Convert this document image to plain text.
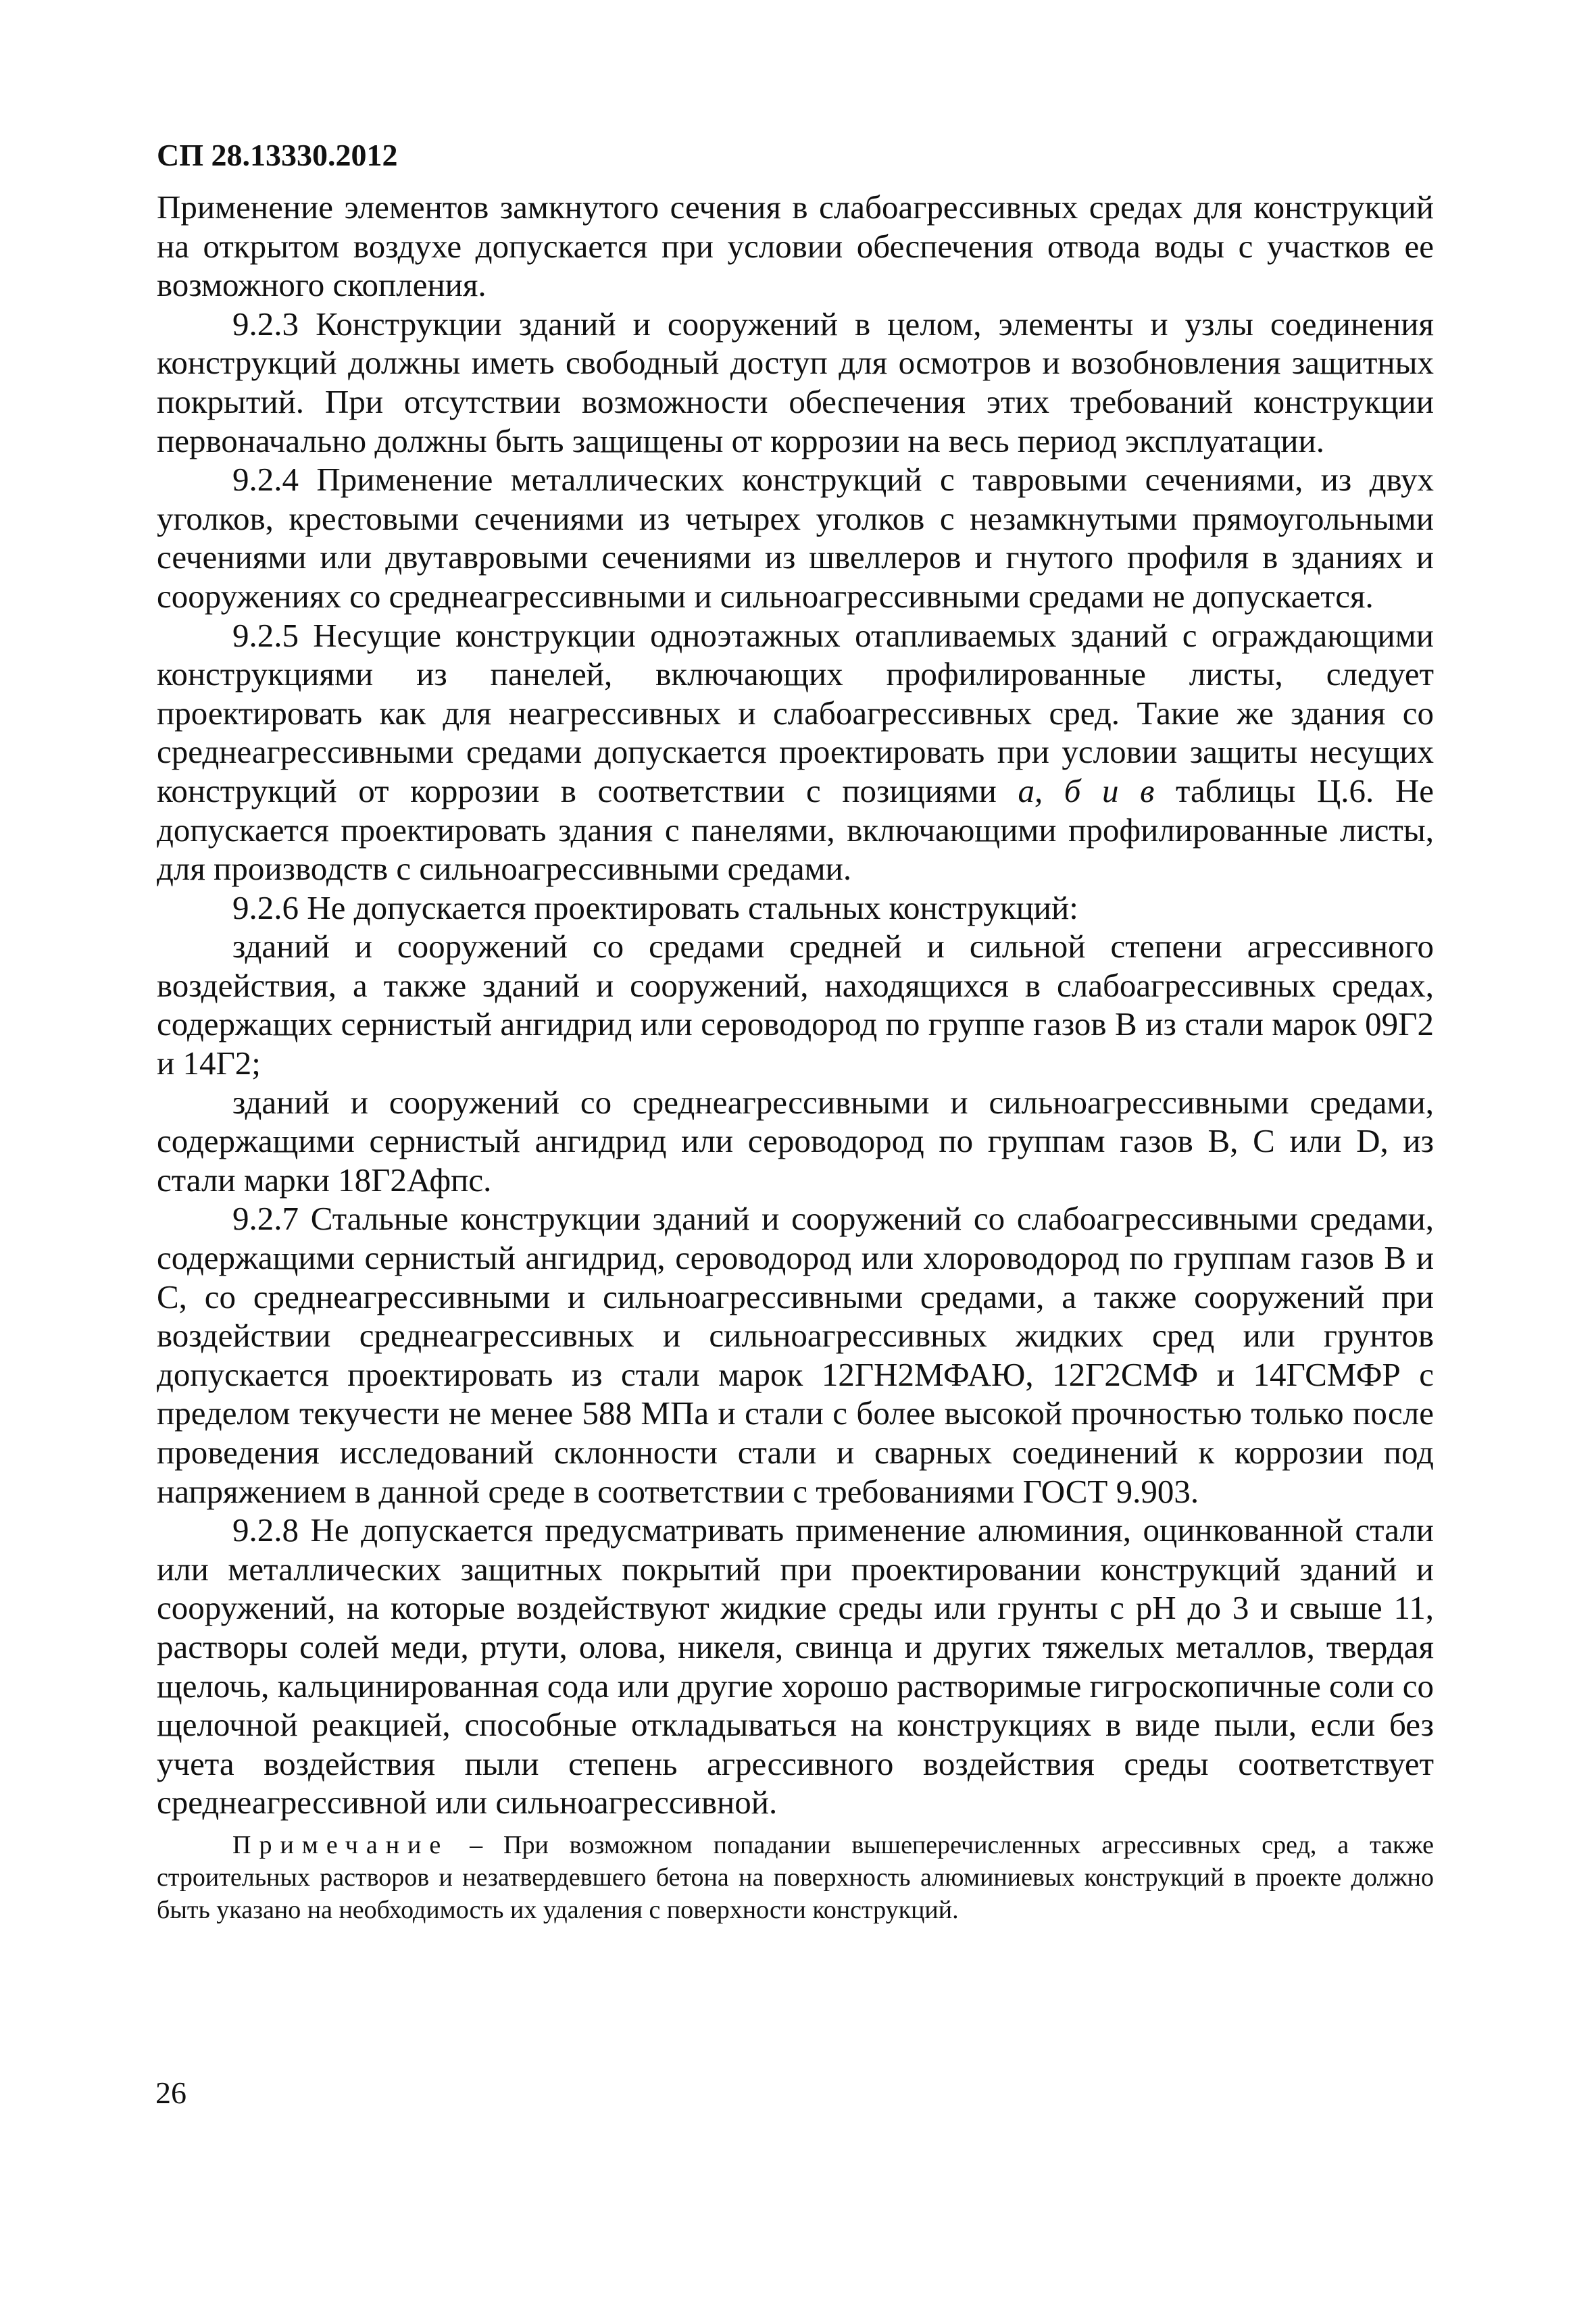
СП 28.13330.2012

Применение элементов замкнутого сечения в слабоагрессивных средах для конструкций на открытом воздухе допускается при условии обеспечения отвода воды с участков ее возможного скопления.

9.2.3 Конструкции зданий и сооружений в целом, элементы и узлы соединения конструкций должны иметь свободный доступ для осмотров и возобновления защитных покрытий. При отсутствии возможности обеспечения этих требований конструкции первоначально должны быть защищены от коррозии на весь период эксплуатации.

9.2.4 Применение металлических конструкций с тавровыми сечениями, из двух уголков, крестовыми сечениями из четырех уголков с незамкнутыми прямоугольными сечениями или двутавровыми сечениями из швеллеров и гнутого профиля в зданиях и сооружениях со среднеагрессивными и сильноагрессивными средами не допускается.

9.2.5 Несущие конструкции одноэтажных отапливаемых зданий с ограждающими конструкциями из панелей, включающих профилированные листы, следует проектировать как для неагрессивных и слабоагрессивных сред. Такие же здания со среднеагрессивными средами допускается проектировать при условии защиты несущих конструкций от коррозии в соответствии с позициями а, б и в таблицы Ц.6. Не допускается проектировать здания с панелями, включающими профилированные листы, для производств с сильноагрессивными средами.

9.2.6 Не допускается проектировать стальных конструкций:

зданий и сооружений со средами средней и сильной степени агрессивного воздействия, а также зданий и сооружений, находящихся в слабоагрессивных средах, содержащих сернистый ангидрид или сероводород по группе газов В из стали марок 09Г2 и 14Г2;

зданий и сооружений со среднеагрессивными и сильноагрессивными средами, содержащими сернистый ангидрид или сероводород по группам газов В, С или D, из стали марки 18Г2Афпс.

9.2.7 Стальные конструкции зданий и сооружений со слабоагрессивными средами, содержащими сернистый ангидрид, сероводород или хлороводород по группам газов В и С, со среднеагрессивными и сильноагрессивными средами, а также сооружений при воздействии среднеагрессивных и сильноагрессивных жидких сред или грунтов допускается проектировать из стали марок 12ГН2МФАЮ, 12Г2СМФ и 14ГСМФР с пределом текучести не менее 588 МПа и стали с более высокой прочностью только после проведения исследований склонности стали и сварных соединений к коррозии под напряжением в данной среде в соответствии с требованиями ГОСТ 9.903.

9.2.8 Не допускается предусматривать применение алюминия, оцинкованной стали или металлических защитных покрытий при проектировании конструкций зданий и сооружений, на которые воздействуют жидкие среды или грунты с pH до 3 и свыше 11, растворы солей меди, ртути, олова, никеля, свинца и других тяжелых металлов, твердая щелочь, кальцинированная сода или другие хорошо растворимые гигроскопичные соли со щелочной реакцией, способные откладываться на конструкциях в виде пыли, если без учета воздействия пыли степень агрессивного воздействия среды соответствует среднеагрессивной или сильноагрессивной.

Примечание – При возможном попадании вышеперечисленных агрессивных сред, а также строительных растворов и незатвердевшего бетона на поверхность алюминиевых конструкций в проекте должно быть указано на необходимость их удаления с поверхности конструкций.

26
